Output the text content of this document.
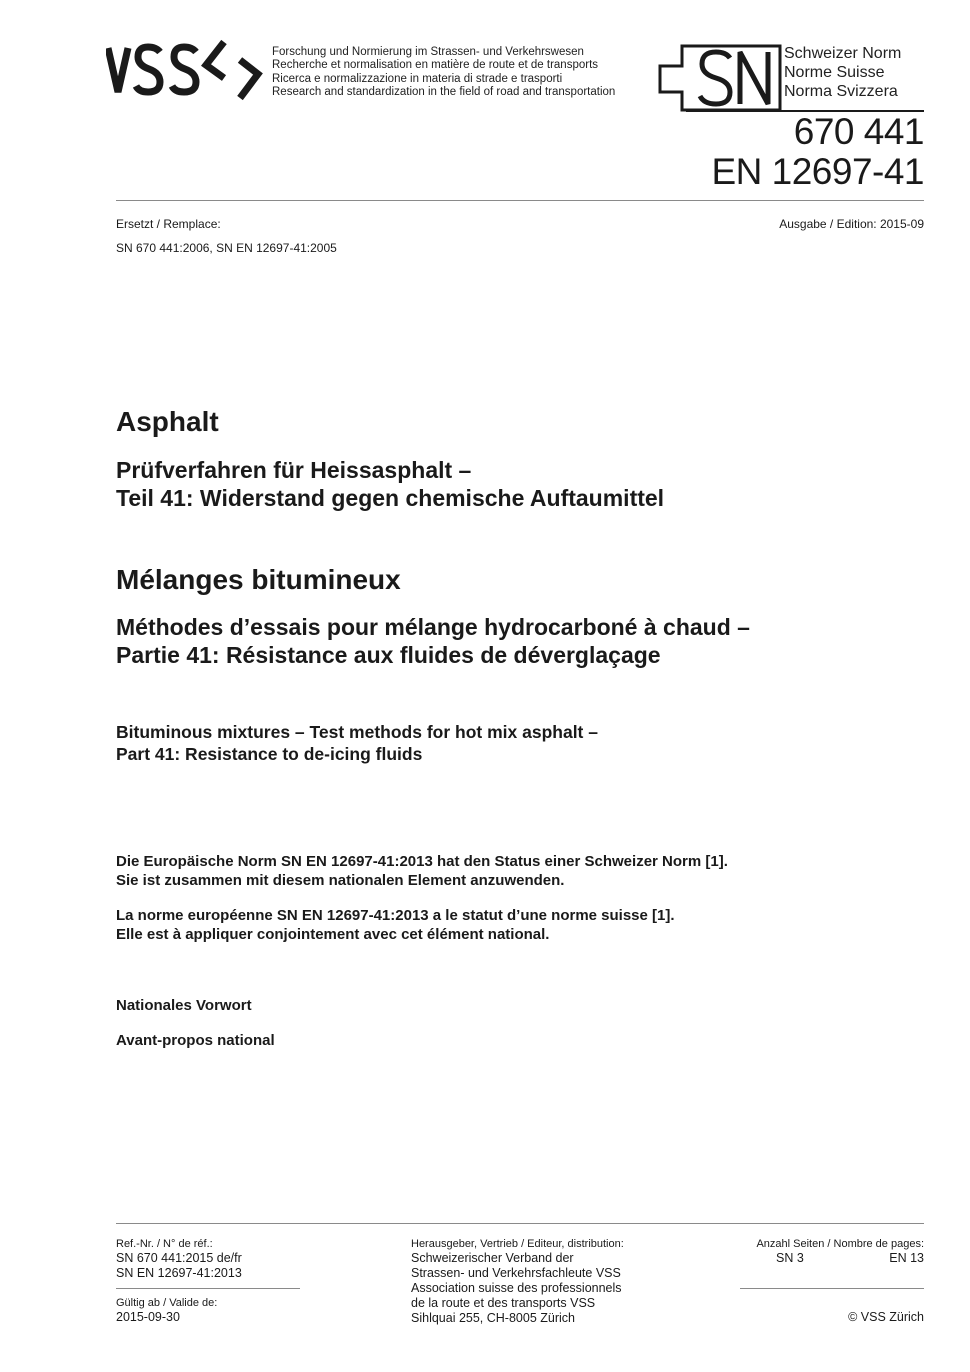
Forschung und Normierung im Strassen- und Verkehrswesen
Recherche et normalisation en matière de route et de transports
Ricerca e normalizzazione in materia di strade e trasporti
Research and standardization in the field of road and transportation
Schweizer Norm
Norme Suisse
Norma Svizzera
670 441
EN 12697-41
Ersetzt / Remplace:	Ausgabe / Edition: 2015-09
SN 670 441:2006, SN EN 12697-41:2005
Asphalt
Prüfverfahren für Heissasphalt –
Teil 41: Widerstand gegen chemische Auftaumittel
Mélanges bitumineux
Méthodes d’essais pour mélange hydrocarboné à chaud –
Partie 41: Résistance aux fluides de déverglaçage
Bituminous mixtures – Test methods for hot mix asphalt –
Part 41: Resistance to de-icing fluids
Die Europäische Norm SN EN 12697-41:2013 hat den Status einer Schweizer Norm [1].
Sie ist zusammen mit diesem nationalen Element anzuwenden.
La norme européenne SN EN 12697-41:2013 a le statut d’une norme suisse [1].
Elle est à appliquer conjointement avec cet élément national.
Nationales Vorwort
Avant-propos national
Ref.-Nr. / N° de réf.:
SN 670 441:2015 de/fr
SN EN 12697-41:2013
Gültig ab / Valide de:
2015-09-30
Herausgeber, Vertrieb / Editeur, distribution:
Schweizerischer Verband der
Strassen- und Verkehrsfachleute VSS
Association suisse des professionnels
de la route et des transports VSS
Sihlquai 255, CH-8005 Zürich
Anzahl Seiten / Nombre de pages:
SN 3	EN 13
© VSS Zürich
